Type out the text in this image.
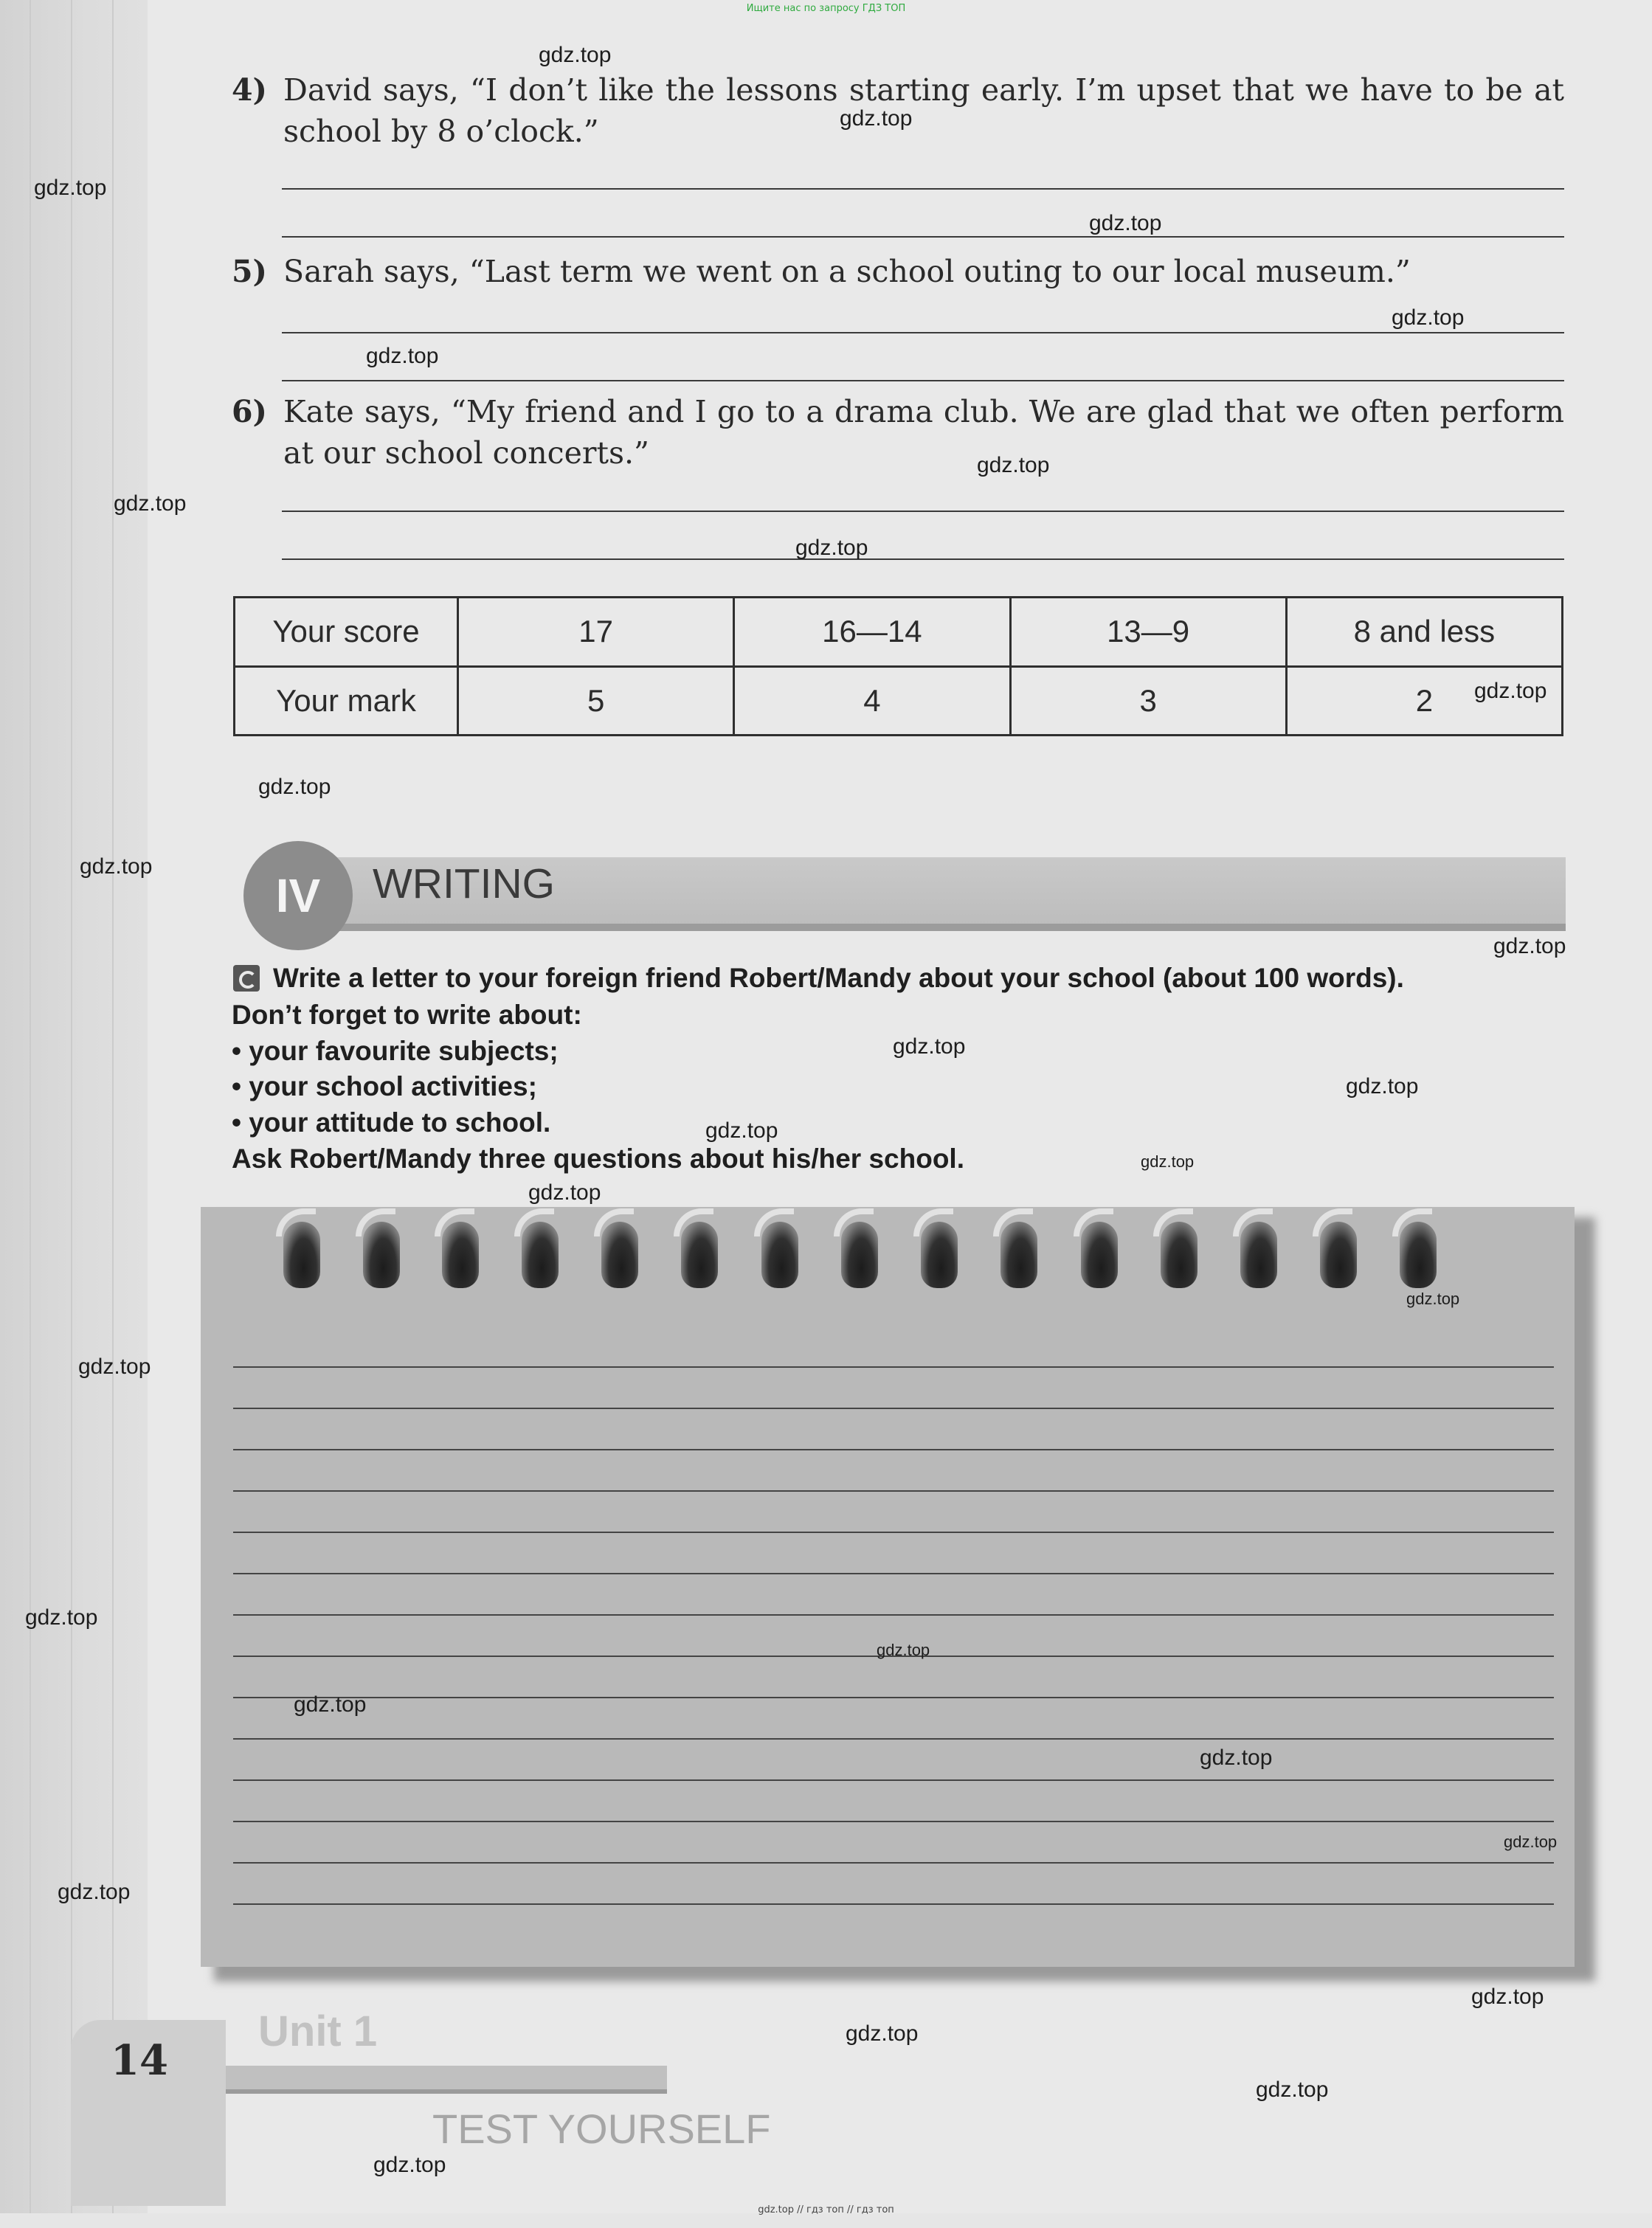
Ищите нас по запросу ГДЗ ТОП
4) David says, “I don’t like the lessons starting early. I’m upset that we have to be at school by 8 o’clock.”
5) Sarah says, “Last term we went on a school outing to our local museum.”
6) Kate says, “My friend and I go to a drama club. We are glad that we often perform at our school concerts.”
Your score	17	16—14	13—9	8 and less
Your mark	5	4	3	2
IV	WRITING
Write a letter to your foreign friend Robert/Mandy about your school (about 100 words).
Don’t forget to write about:
• your favourite subjects;
• your school activities;
• your attitude to school.
Ask Robert/Mandy three questions about his/her school.
14
Unit 1
TEST YOURSELF
gdz.top
gdz.top
gdz.top
gdz.top
gdz.top
gdz.top
gdz.top
gdz.top
gdz.top
gdz.top
gdz.top
gdz.top
gdz.top
gdz.top
gdz.top
gdz.top
gdz.top
gdz.top
gdz.top
gdz.top
gdz.top
gdz.top
gdz.top
gdz.top
gdz.top
gdz.top
gdz.top
gdz.top
gdz.top
gdz.top
gdz.top // гдз топ // гдз топ
